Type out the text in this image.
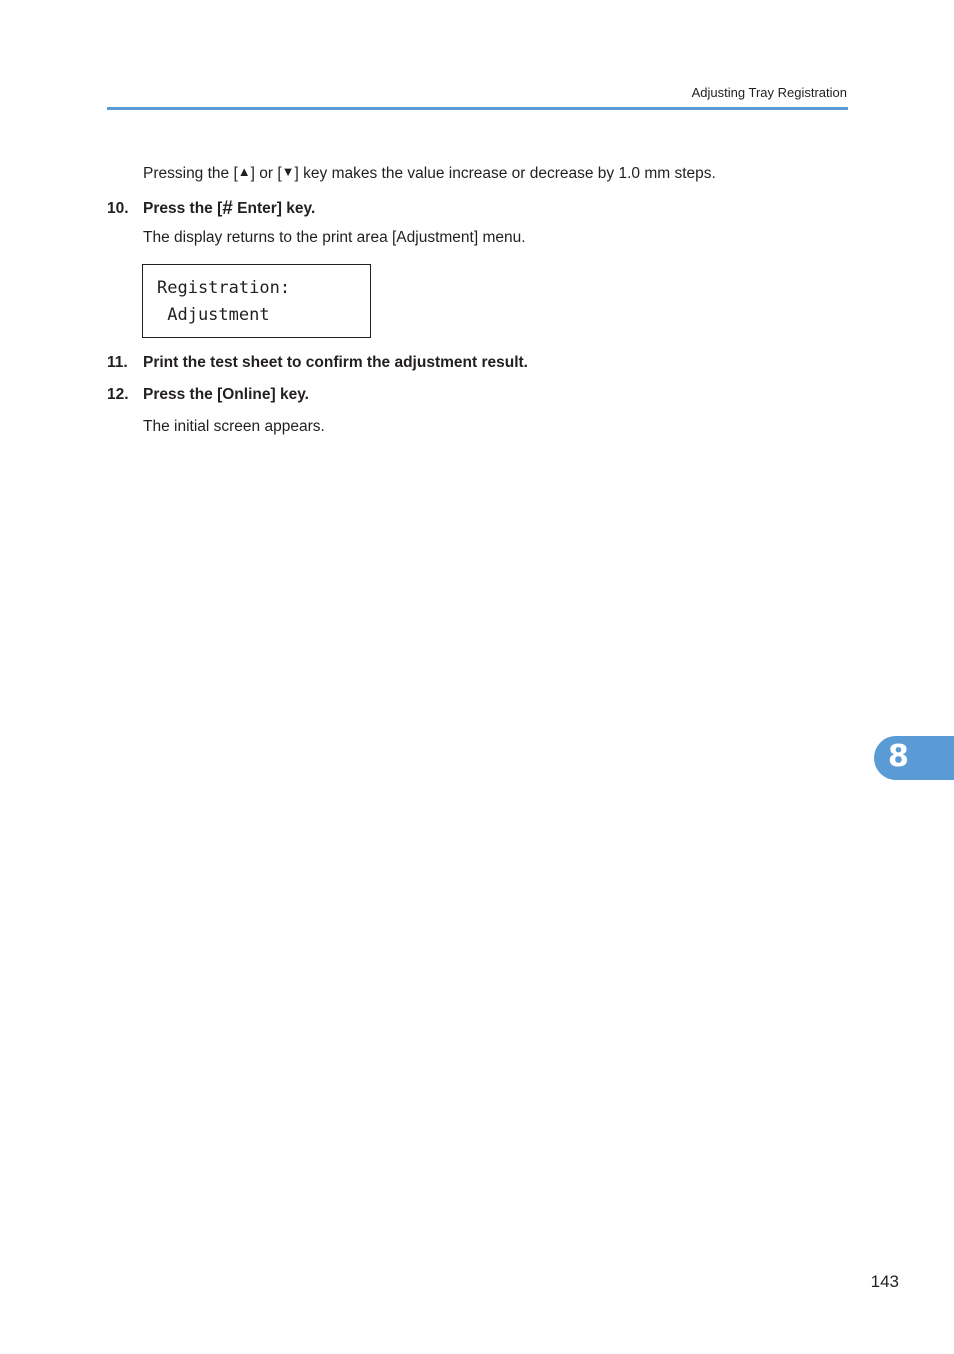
Adjusting Tray Registration
Pressing the [▲] or [▼] key makes the value increase or decrease by 1.0 mm steps.
10. Press the [# Enter] key.
The display returns to the print area [Adjustment] menu.
Registration:
Adjustment
11. Print the test sheet to confirm the adjustment result.
12. Press the [Online] key.
The initial screen appears.
8
143
